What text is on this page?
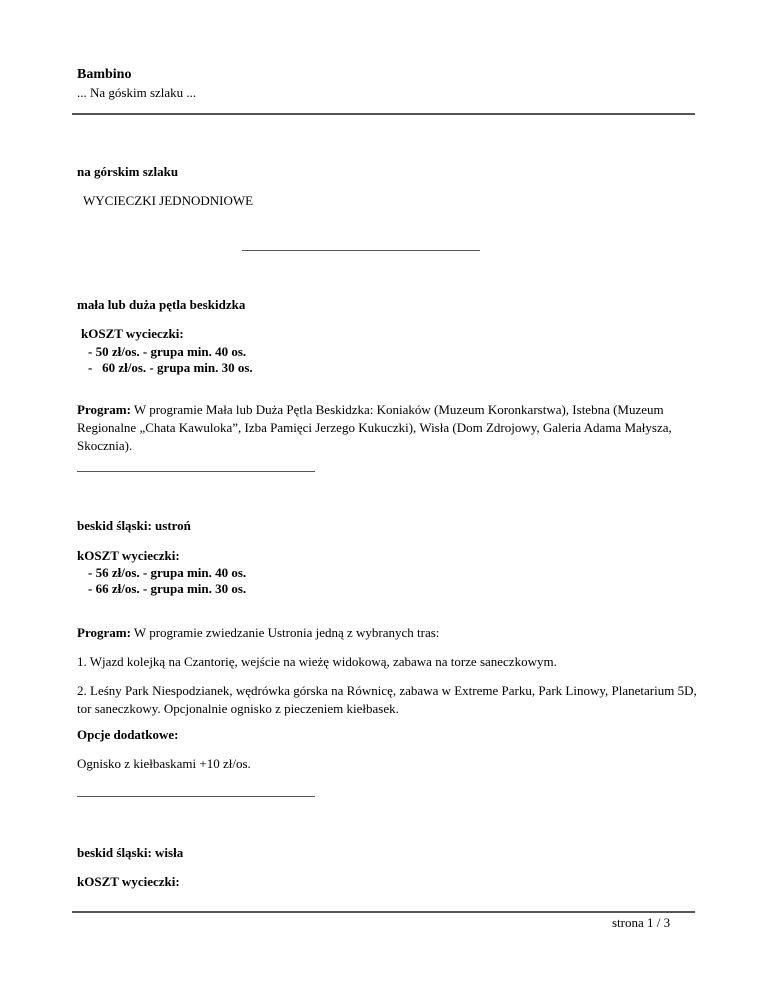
Bambino
... Na góskim szlaku ...
na górskim szlaku
WYCIECZKI JEDNODNIOWE
mała lub duża pętla beskidzka
kOSZT wycieczki:
- 50 zł/os. - grupa min. 40 os.
-   60 zł/os. - grupa min. 30 os.
Program: W programie Mała lub Duża Pętla Beskidzka: Koniaków (Muzeum Koronkarstwa), Istebna (Muzeum Regionalne „Chata Kawuloka”, Izba Pamięci Jerzego Kukuczki), Wisła (Dom Zdrojowy, Galeria Adama Małysza, Skocznia).
beskid śląski: ustroń
kOSZT wycieczki:
- 56 zł/os. - grupa min. 40 os.
- 66 zł/os. - grupa min. 30 os.
Program: W programie zwiedzanie Ustronia jedną z wybranych tras:
1. Wjazd kolejką na Czantorię, wejście na wieżę widokową, zabawa na torze saneczkowym.
2. Leśny Park Niespodzianek, wędrówka górska na Równicę, zabawa w Extreme Parku, Park Linowy, Planetarium 5D, tor saneczkowy. Opcjonalnie ognisko z pieczeniem kiełbasek.
Opcje dodatkowe:
Ognisko z kiełbaskami +10 zł/os.
beskid śląski: wisła
kOSZT wycieczki:
strona 1 / 3
